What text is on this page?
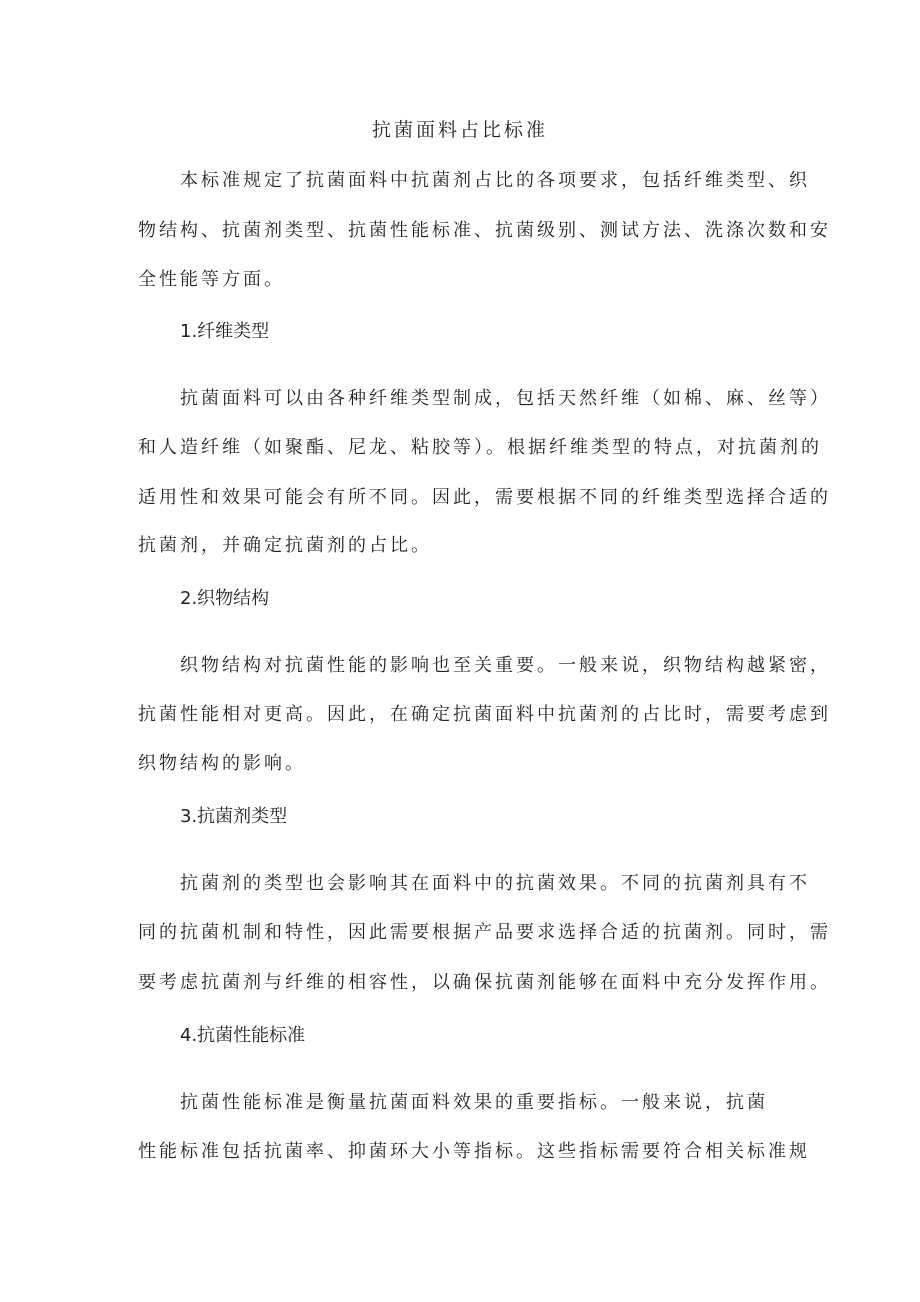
抗菌面料占比标准
本标准规定了抗菌面料中抗菌剂占比的各项要求，包括纤维类型、织
物结构、抗菌剂类型、抗菌性能标准、抗菌级别、测试方法、洗涤次数和安
全性能等方面。
1.纤维类型
抗菌面料可以由各种纤维类型制成，包括天然纤维（如棉、麻、丝等）
和人造纤维（如聚酯、尼龙、粘胶等）。根据纤维类型的特点，对抗菌剂的
适用性和效果可能会有所不同。因此，需要根据不同的纤维类型选择合适的
抗菌剂，并确定抗菌剂的占比。
2.织物结构
织物结构对抗菌性能的影响也至关重要。一般来说，织物结构越紧密，
抗菌性能相对更高。因此，在确定抗菌面料中抗菌剂的占比时，需要考虑到
织物结构的影响。
3.抗菌剂类型
抗菌剂的类型也会影响其在面料中的抗菌效果。不同的抗菌剂具有不
同的抗菌机制和特性，因此需要根据产品要求选择合适的抗菌剂。同时，需
要考虑抗菌剂与纤维的相容性，以确保抗菌剂能够在面料中充分发挥作用。
4.抗菌性能标准
抗菌性能标准是衡量抗菌面料效果的重要指标。一般来说，抗菌
性能标准包括抗菌率、抑菌环大小等指标。这些指标需要符合相关标准规
